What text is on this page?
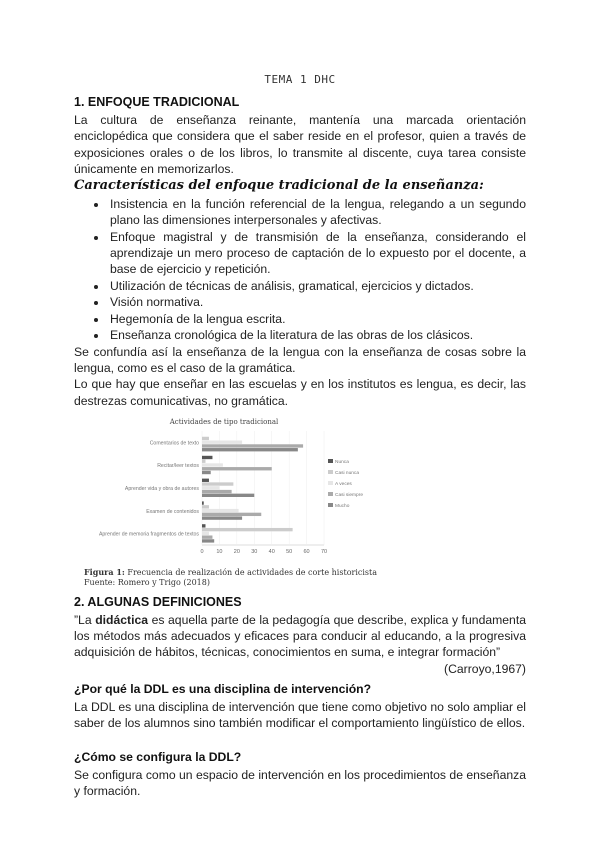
TEMA 1 DHC
1. ENFOQUE TRADICIONAL

La cultura de enseñanza reinante, mantenía una marcada orientación enciclopédica que considera que el saber reside en el profesor, quien a través de exposiciones orales o de los libros, lo transmite al discente, cuya tarea consiste únicamente en memorizarlos.

Características del enfoque tradicional de la enseñanza:
• Insistencia en la función referencial de la lengua, relegando a un segundo plano las dimensiones interpersonales y afectivas.
• Enfoque magistral y de transmisión de la enseñanza, considerando el aprendizaje un mero proceso de captación de lo expuesto por el docente, a base de ejercicio y repetición.
• Utilización de técnicas de análisis, gramatical, ejercicios y dictados.
• Visión normativa.
• Hegemonía de la lengua escrita.
• Enseñanza cronológica de la literatura de las obras de los clásicos.

Se confundía así la enseñanza de la lengua con la enseñanza de cosas sobre la lengua, como es el caso de la gramática.

Lo que hay que enseñar en las escuelas y en los institutos es lengua, es decir, las destrezas comunicativas, no gramática.

Actividades de tipo tradicional
0 10 20 30 40 50 60 70
Comentarios de texto
Recitar/leer textos
Aprender vida y obra de autores
Examen de contenidos
Aprender de memoria fragmentos de textos
Nunca
Casi nunca
A veces
Casi siempre
Mucho
Figura 1: Frecuencia de realización de actividades de corte historicista
Fuente: Romero y Trigo (2018)
2. ALGUNAS DEFINICIONES

”La didáctica es aquella parte de la pedagogía que describe, explica y fundamenta los métodos más adecuados y eficaces para conducir al educando, a la progresiva adquisición de hábitos, técnicas, conocimientos en suma, e integrar formación”

(Carroyo,1967)

¿Por qué la DDL es una disciplina de intervención?

La DDL es una disciplina de intervención que tiene como objetivo no solo ampliar el saber de los alumnos sino también modificar el comportamiento lingüístico de ellos.

¿Cómo se configura la DDL?

Se configura como un espacio de intervención en los procedimientos de enseñanza y formación.
